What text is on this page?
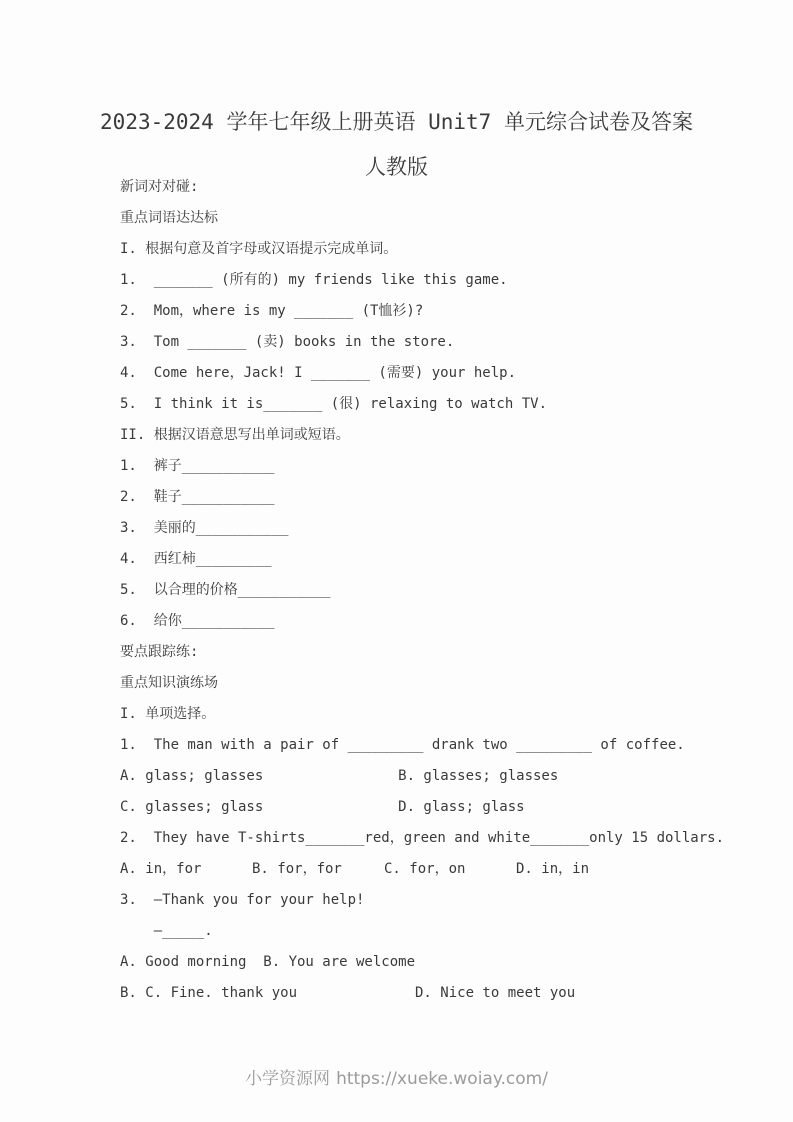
2023-2024 学年七年级上册英语 Unit7 单元综合试卷及答案
人教版
新词对对碰:
重点词语达达标
I. 根据句意及首字母或汉语提示完成单词。
1.  _______ (所有的) my friends like this game.
2.  Mom，where is my _______ (T恤衫)?
3.  Tom _______ (卖) books in the store.
4.  Come here，Jack! I _______ (需要) your help.
5.  I think it is_______ (很) relaxing to watch TV.
II. 根据汉语意思写出单词或短语。
1.  裤子___________
2.  鞋子___________
3.  美丽的___________
4.  西红柿_________
5.  以合理的价格___________
6.  给你___________
要点跟踪练:
重点知识演练场
I. 单项选择。
1.  The man with a pair of _________ drank two _________ of coffee.
A. glass; glasses                B. glasses; glasses
C. glasses; glass                D. glass; glass
2.  They have T-shirts_______red，green and white_______only 15 dollars.
A. in，for      B. for，for     C. for，on      D. in，in
3.  —Thank you for your help!
—_____.
A. Good morning  B. You are welcome
B. C. Fine. thank you              D. Nice to meet you
小学资源网 https://xueke.woiay.com/
